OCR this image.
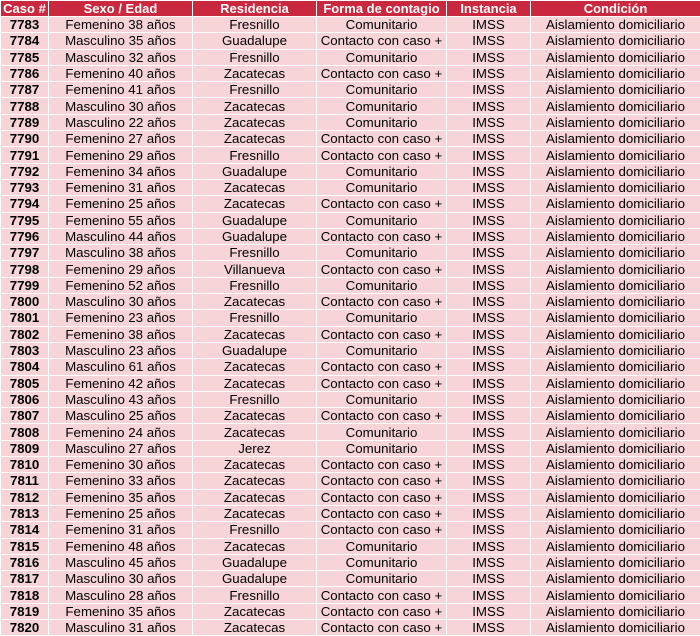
Caso #	Sexo / Edad	Residencia	Forma de contagio	Instancia	Condición
7783	Femenino 38 años	Fresnillo	Comunitario	IMSS	Aislamiento domiciliario
7784	Masculino 35 años	Guadalupe	Contacto con caso +	IMSS	Aislamiento domiciliario
7785	Masculino 32 años	Fresnillo	Comunitario	IMSS	Aislamiento domiciliario
7786	Femenino 40 años	Zacatecas	Contacto con caso +	IMSS	Aislamiento domiciliario
7787	Femenino 41 años	Fresnillo	Comunitario	IMSS	Aislamiento domiciliario
7788	Masculino 30 años	Zacatecas	Comunitario	IMSS	Aislamiento domiciliario
7789	Masculino 22 años	Zacatecas	Comunitario	IMSS	Aislamiento domiciliario
7790	Femenino 27 años	Zacatecas	Contacto con caso +	IMSS	Aislamiento domiciliario
7791	Femenino 29 años	Fresnillo	Contacto con caso +	IMSS	Aislamiento domiciliario
7792	Femenino 34 años	Guadalupe	Comunitario	IMSS	Aislamiento domiciliario
7793	Femenino 31 años	Zacatecas	Comunitario	IMSS	Aislamiento domiciliario
7794	Femenino 25 años	Zacatecas	Contacto con caso +	IMSS	Aislamiento domiciliario
7795	Femenino 55 años	Guadalupe	Comunitario	IMSS	Aislamiento domiciliario
7796	Masculino 44 años	Guadalupe	Contacto con caso +	IMSS	Aislamiento domiciliario
7797	Masculino 38 años	Fresnillo	Comunitario	IMSS	Aislamiento domiciliario
7798	Femenino 29 años	Villanueva	Contacto con caso +	IMSS	Aislamiento domiciliario
7799	Femenino 52 años	Fresnillo	Comunitario	IMSS	Aislamiento domiciliario
7800	Masculino 30 años	Zacatecas	Contacto con caso +	IMSS	Aislamiento domiciliario
7801	Femenino 23 años	Fresnillo	Comunitario	IMSS	Aislamiento domiciliario
7802	Femenino 38 años	Zacatecas	Contacto con caso +	IMSS	Aislamiento domiciliario
7803	Masculino 23 años	Guadalupe	Comunitario	IMSS	Aislamiento domiciliario
7804	Masculino 61 años	Zacatecas	Contacto con caso +	IMSS	Aislamiento domiciliario
7805	Femenino 42 años	Zacatecas	Contacto con caso +	IMSS	Aislamiento domiciliario
7806	Masculino 43 años	Fresnillo	Comunitario	IMSS	Aislamiento domiciliario
7807	Masculino 25 años	Zacatecas	Contacto con caso +	IMSS	Aislamiento domiciliario
7808	Femenino 24 años	Zacatecas	Comunitario	IMSS	Aislamiento domiciliario
7809	Masculino 27 años	Jerez	Comunitario	IMSS	Aislamiento domiciliario
7810	Femenino 30 años	Zacatecas	Contacto con caso +	IMSS	Aislamiento domiciliario
7811	Femenino 33 años	Zacatecas	Contacto con caso +	IMSS	Aislamiento domiciliario
7812	Femenino 35 años	Zacatecas	Contacto con caso +	IMSS	Aislamiento domiciliario
7813	Femenino 25 años	Zacatecas	Contacto con caso +	IMSS	Aislamiento domiciliario
7814	Femenino 31 años	Fresnillo	Contacto con caso +	IMSS	Aislamiento domiciliario
7815	Femenino 48 años	Zacatecas	Comunitario	IMSS	Aislamiento domiciliario
7816	Masculino 45 años	Guadalupe	Comunitario	IMSS	Aislamiento domiciliario
7817	Masculino 30 años	Guadalupe	Comunitario	IMSS	Aislamiento domiciliario
7818	Masculino 28 años	Fresnillo	Contacto con caso +	IMSS	Aislamiento domiciliario
7819	Femenino 35 años	Zacatecas	Contacto con caso +	IMSS	Aislamiento domiciliario
7820	Masculino 31 años	Zacatecas	Contacto con caso +	IMSS	Aislamiento domiciliario
